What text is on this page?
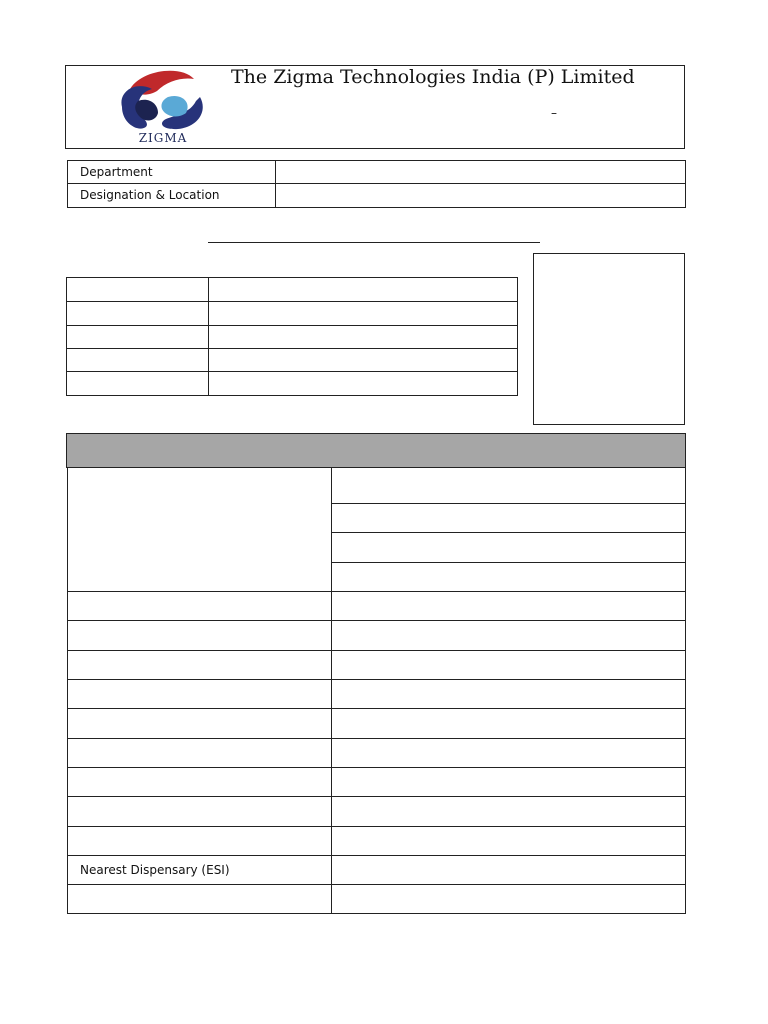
ZIGMA
The Zigma Technologies India (P) Limited
–
Department
Designation & Location
Nearest Dispensary (ESI)
